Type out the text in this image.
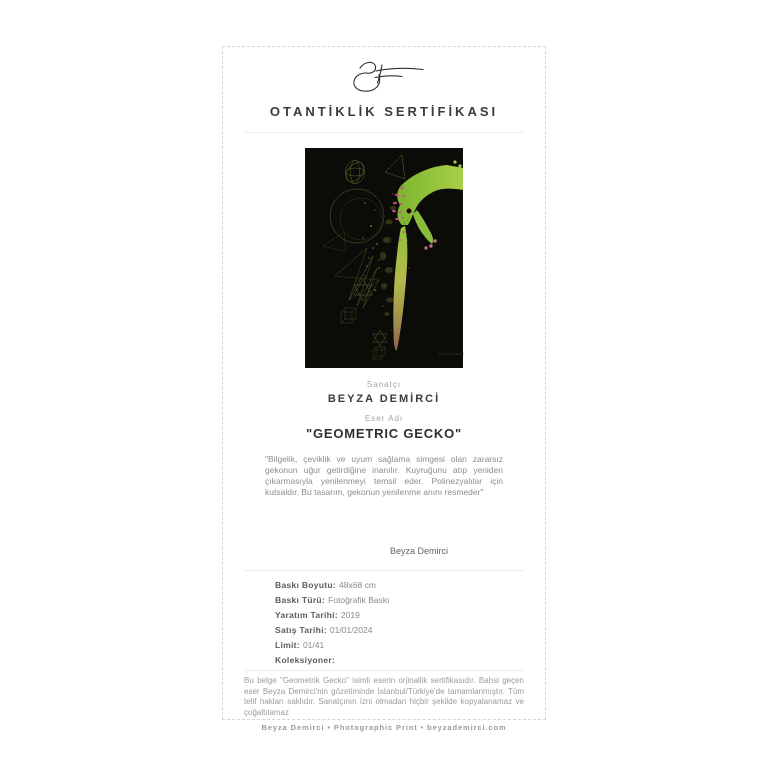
OTANTİKLİK SERTİFİKASI
BEYZA DEMİRCİ
Sanatçı
BEYZA DEMİRCİ
Eser Adı
"GEOMETRIC GECKO"
"Bilgelik, çeviklik ve uyum sağlama simgesi olan zararsız gekonun uğur getirdiğine inanılır. Kuyruğunu atıp yeniden çıkarmasıyla yenilenmeyi temsil eder. Polinezyalılar için kutsaldır. Bu tasarım, gekonun yenilenme anını resmeder"
Beyza Demirci
Baskı Boyutu: 48x68 cm
Baskı Türü: Fotoğrafik Baskı
Yaratım Tarihi: 2019
Satış Tarihi: 01/01/2024
Limit: 01/41
Koleksiyoner:
Bu belge "Geometrik Gecko" isimli eserin orjinallik sertifikasıdır. Bahsi geçen eser Beyza Demirci'nin gözetiminde İstanbul/Türkiye'de tamamlanmıştır. Tüm telif hakları saklıdır. Sanatçının izni olmadan hiçbir şekilde kopyalanamaz ve çoğaltılamaz
Beyza Demirci • Photographic Print • beyzademirci.com
